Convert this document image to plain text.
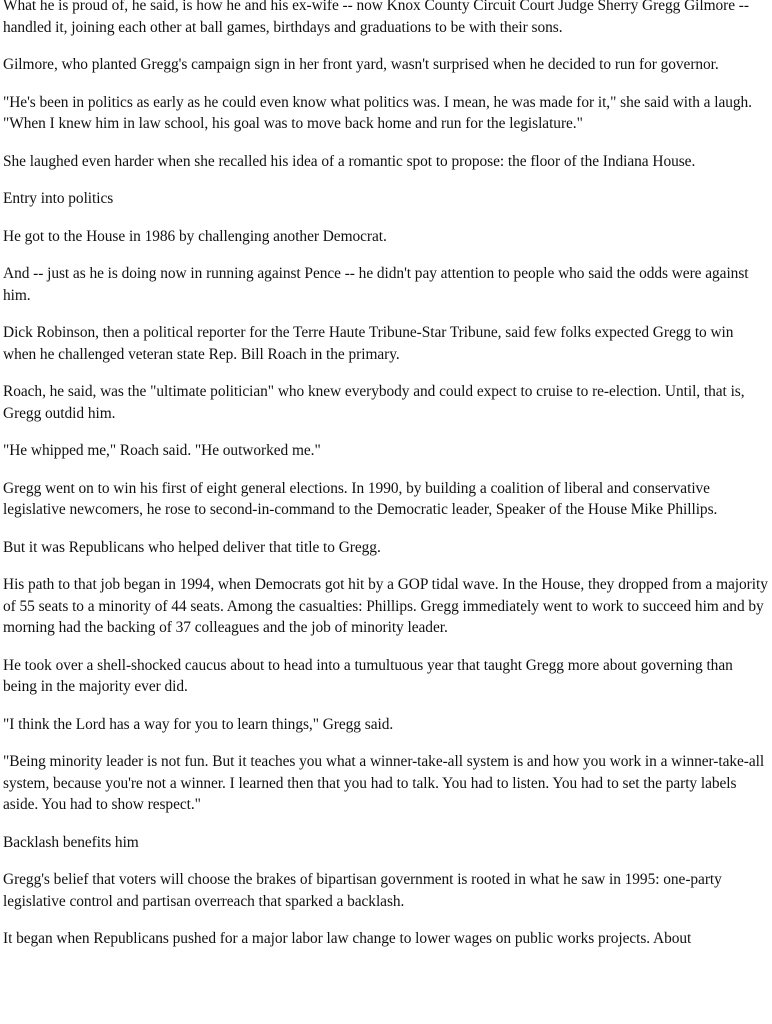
What he is proud of, he said, is how he and his ex-wife -- now Knox County Circuit Court Judge Sherry Gregg Gilmore -- handled it, joining each other at ball games, birthdays and graduations to be with their sons.

Gilmore, who planted Gregg's campaign sign in her front yard, wasn't surprised when he decided to run for governor.

"He's been in politics as early as he could even know what politics was. I mean, he was made for it," she said with a laugh. "When I knew him in law school, his goal was to move back home and run for the legislature."

She laughed even harder when she recalled his idea of a romantic spot to propose: the floor of the Indiana House.

Entry into politics

He got to the House in 1986 by challenging another Democrat.

And -- just as he is doing now in running against Pence -- he didn't pay attention to people who said the odds were against him.

Dick Robinson, then a political reporter for the Terre Haute Tribune-Star Tribune, said few folks expected Gregg to win when he challenged veteran state Rep. Bill Roach in the primary.

Roach, he said, was the "ultimate politician" who knew everybody and could expect to cruise to re-election. Until, that is, Gregg outdid him.

"He whipped me," Roach said. "He outworked me."

Gregg went on to win his first of eight general elections. In 1990, by building a coalition of liberal and conservative legislative newcomers, he rose to second-in-command to the Democratic leader, Speaker of the House Mike Phillips.

But it was Republicans who helped deliver that title to Gregg.

His path to that job began in 1994, when Democrats got hit by a GOP tidal wave. In the House, they dropped from a majority of 55 seats to a minority of 44 seats. Among the casualties: Phillips. Gregg immediately went to work to succeed him and by morning had the backing of 37 colleagues and the job of minority leader.

He took over a shell-shocked caucus about to head into a tumultuous year that taught Gregg more about governing than being in the majority ever did.

"I think the Lord has a way for you to learn things," Gregg said.

"Being minority leader is not fun. But it teaches you what a winner-take-all system is and how you work in a winner-take-all system, because you're not a winner. I learned then that you had to talk. You had to listen. You had to set the party labels aside. You had to show respect."

Backlash benefits him

Gregg's belief that voters will choose the brakes of bipartisan government is rooted in what he saw in 1995: one-party legislative control and partisan overreach that sparked a backlash.

It began when Republicans pushed for a major labor law change to lower wages on public works projects. About
